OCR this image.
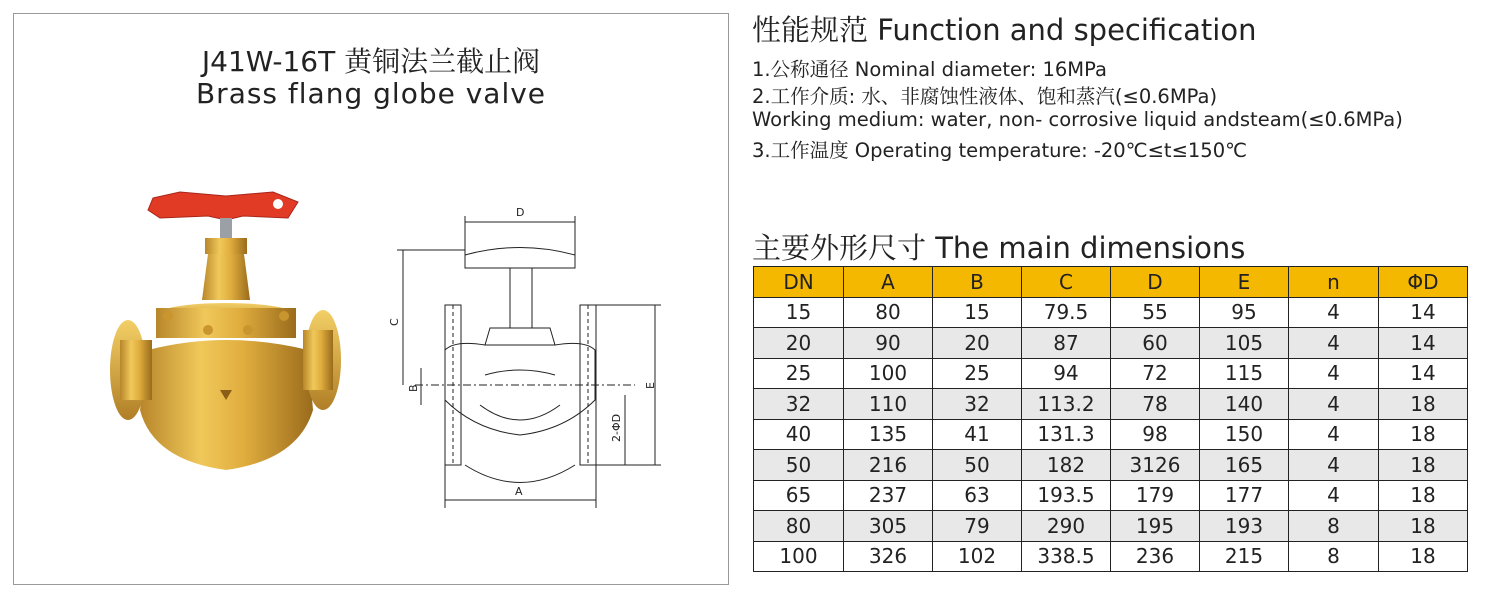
J41W-16T 黄铜法兰截止阀
Brass flang globe valve
D
C
B	E
2-ΦD
A
性能规范 Function and specification
1.公称通径 Nominal diameter: 16MPa
2.工作介质: 水、非腐蚀性液体、饱和蒸汽(≤0.6MPa)
Working medium: water, non- corrosive liquid andsteam(≤0.6MPa)
3.工作温度 Operating temperature: -20℃≤t≤150℃
主要外形尺寸 The main dimensions
DN	A	B	C	D	E	n	ΦD
15	80	15	79.5	55	95	4	14
20	90	20	87	60	105	4	14
25	100	25	94	72	115	4	14
32	110	32	113.2	78	140	4	18
40	135	41	131.3	98	150	4	18
50	216	50	182	3126	165	4	18
65	237	63	193.5	179	177	4	18
80	305	79	290	195	193	8	18
100	326	102	338.5	236	215	8	18
